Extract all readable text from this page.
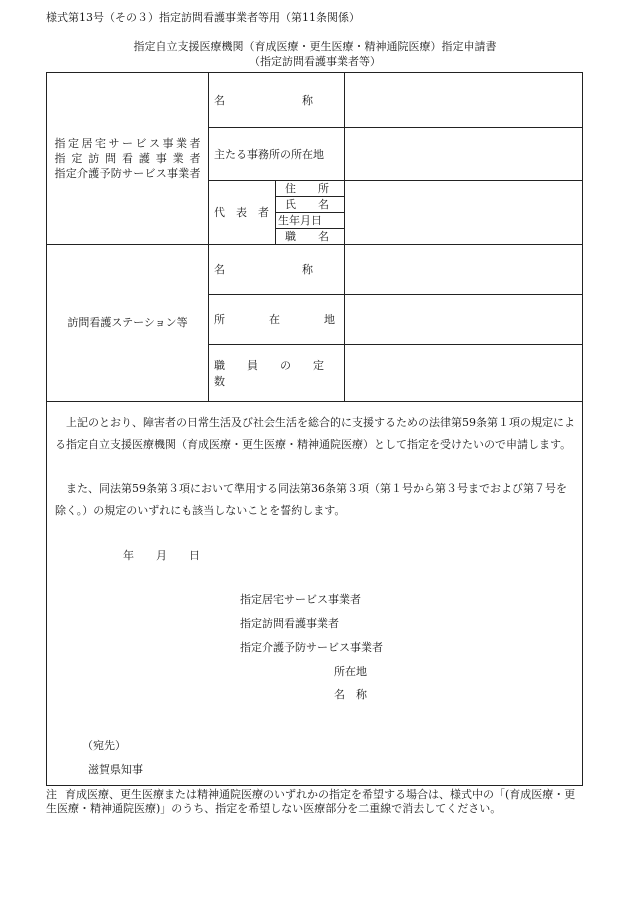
様式第13号（その３）指定訪問看護事業者等用（第11条関係）
指定自立支援医療機関（育成医療・更生医療・精神通院医療）指定申請書
（指定訪問看護事業者等）
指 定 居 宅 サ ー ビ ス 事 業 者
指 定 訪 問 看 護 事 業 者
指 定 介 護 予 防 サ ー ビ ス 事 業 者
名　　　　　　　称
主たる事務所の所在地
代　表　者
住　　所
氏　　名
生年月日
職　　名
訪問看護ステーション等
名　　　　　　　称
所　　　　在　　　　地
職　　員　　の　　定　　数
　上記のとおり、障害者の日常生活及び社会生活を総合的に支援するための法律第59条第１項の規定による指定自立支援医療機関（育成医療・更生医療・精神通院医療）として指定を受けたいので申請します。
　また、同法第59条第３項において準用する同法第36条第３項（第１号から第３号までおよび第７号を除く。）の規定のいずれにも該当しないことを誓約します。
年　　月　　日
指定居宅サービス事業者
指定訪問看護事業者
指定介護予防サービス事業者
所在地
名　称
（宛先）
滋賀県知事
注 育成医療、更生医療または精神通院医療のいずれかの指定を希望する場合は、様式中の「(育成医療・更生医療・精神通院医療)」のうち、指定を希望しない医療部分を二重線で消去してください。
